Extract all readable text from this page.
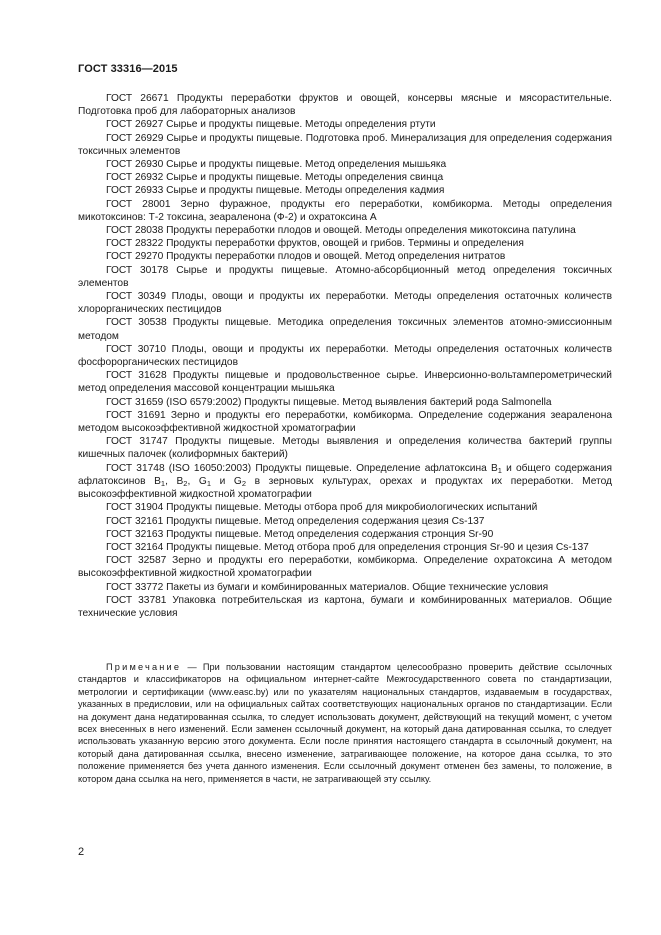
ГОСТ 33316—2015

ГОСТ 26671 Продукты переработки фруктов и овощей, консервы мясные и мясорастительные. Подготовка проб для лабораторных анализов

ГОСТ 26927 Сырье и продукты пищевые. Методы определения ртути

ГОСТ 26929 Сырье и продукты пищевые. Подготовка проб. Минерализация для определения содержания токсичных элементов

ГОСТ 26930 Сырье и продукты пищевые. Метод определения мышьяка

ГОСТ 26932 Сырье и продукты пищевые. Методы определения свинца

ГОСТ 26933 Сырье и продукты пищевые. Методы определения кадмия

ГОСТ 28001 Зерно фуражное, продукты его переработки, комбикорма. Методы определения микотоксинов: Т-2 токсина, зеараленона (Ф-2) и охратоксина А

ГОСТ 28038 Продукты переработки плодов и овощей. Методы определения микотоксина патулина

ГОСТ 28322 Продукты переработки фруктов, овощей и грибов. Термины и определения

ГОСТ 29270 Продукты переработки плодов и овощей. Метод определения нитратов

ГОСТ 30178 Сырье и продукты пищевые. Атомно-абсорбционный метод определения токсичных элементов

ГОСТ 30349 Плоды, овощи и продукты их переработки. Методы определения остаточных количеств хлорорганических пестицидов

ГОСТ 30538 Продукты пищевые. Методика определения токсичных элементов атомно-эмиссионным методом

ГОСТ 30710 Плоды, овощи и продукты их переработки. Методы определения остаточных количеств фосфорорганических пестицидов

ГОСТ 31628 Продукты пищевые и продовольственное сырье. Инверсионно-вольтамперометрический метод определения массовой концентрации мышьяка

ГОСТ 31659 (ISO 6579:2002) Продукты пищевые. Метод выявления бактерий рода Salmonella

ГОСТ 31691 Зерно и продукты его переработки, комбикорма. Определение содержания зеараленона методом высокоэффективной жидкостной хроматографии

ГОСТ 31747 Продукты пищевые. Методы выявления и определения количества бактерий группы кишечных палочек (колиформных бактерий)

ГОСТ 31748 (ISO 16050:2003) Продукты пищевые. Определение афлатоксина $В_1$ и общего содержания афлатоксинов $В_1$, $В_2$, $G_1$ и $G_2$ в зерновых культурах, орехах и продуктах их переработки. Метод высокоэффективной жидкостной хроматографии

ГОСТ 31904 Продукты пищевые. Методы отбора проб для микробиологических испытаний

ГОСТ 32161 Продукты пищевые. Метод определения содержания цезия Cs-137

ГОСТ 32163 Продукты пищевые. Метод определения содержания стронция Sr-90

ГОСТ 32164 Продукты пищевые. Метод отбора проб для определения стронция Sr-90 и цезия Cs-137

ГОСТ 32587 Зерно и продукты его переработки, комбикорма. Определение охратоксина А методом высокоэффективной жидкостной хроматографии

ГОСТ 33772 Пакеты из бумаги и комбинированных материалов. Общие технические условия

ГОСТ 33781 Упаковка потребительская из картона, бумаги и комбинированных материалов. Общие технические условия

Примечание — При пользовании настоящим стандартом целесообразно проверить действие ссылочных стандартов и классификаторов на официальном интернет-сайте Межгосударственного совета по стандартизации, метрологии и сертификации (www.easc.by) или по указателям национальных стандартов, издаваемым в государствах, указанных в предисловии, или на официальных сайтах соответствующих национальных органов по стандартизации. Если на документ дана недатированная ссылка, то следует использовать документ, действующий на текущий момент, с учетом всех внесенных в него изменений. Если заменен ссылочный документ, на который дана датированная ссылка, то следует использовать указанную версию этого документа. Если после принятия настоящего стандарта в ссылочный документ, на который дана датированная ссылка, внесено изменение, затрагивающее положение, на которое дана ссылка, то это положение применяется без учета данного изменения. Если ссылочный документ отменен без замены, то положение, в котором дана ссылка на него, применяется в части, не затрагивающей эту ссылку.

2
